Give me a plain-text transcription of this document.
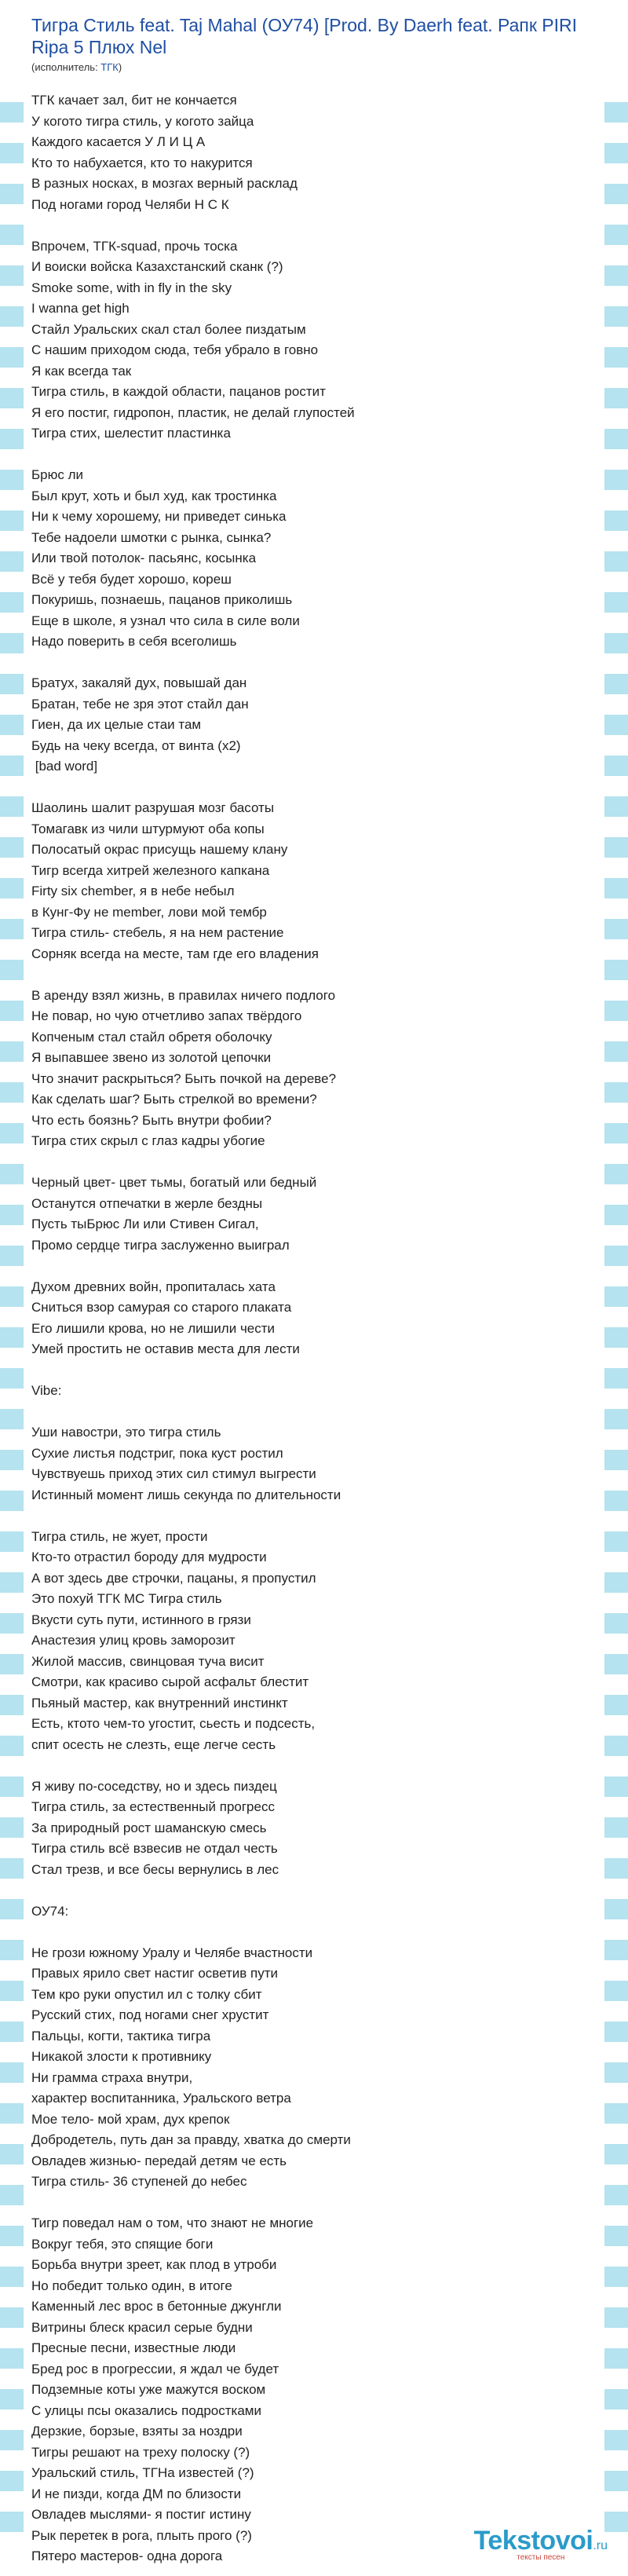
Тигра Стиль feat. Taj Mahal (ОУ74) [Prod. By Daerh feat. Рапк PIRI Ripa 5 Плюх Nel
(исполнитель: ТГК)
ТГК качает зал, бит не кончается
У когото тигра стиль, у когото зайца
Каждого касается У Л И Ц А
Кто то набухается, кто то накурится
В разных носках, в мозгах верный расклад
Под ногами город Челяби Н С К

Впрочем, ТГК-squad, прочь тоска
И воиски войска Казахстанский сканк (?)
Smoke some, with in fly in the sky
I wanna get high
Стайл Уральских скал стал более пиздатым
С нашим приходом сюда, тебя убрало в говно
Я как всегда так
Тигра стиль, в каждой области, пацанов ростит
Я его постиг, гидропон, пластик, не делай глупостей
Тигра стих, шелестит пластинка

Брюс ли
Был крут, хоть и был худ, как тростинка
Ни к чему хорошему, ни приведет синька
Тебе надоели шмотки с рынка, сынка?
Или твой потолок- пасьянс, косынка
Всё у тебя будет хорошо, кореш
Покуришь, познаешь, пацанов приколишь
Еще в школе, я узнал что сила в силе воли
Надо поверить в себя всеголишь

Братух, закаляй дух, повышай дан
Братан, тебе не зря этот стайл дан
Гиен, да их целые стаи там
Будь на чеку всегда, от винта (x2)
[bad word]

Шаолинь шалит разрушая мозг басоты
Томагавк из чили штурмуют оба копы
Полосатый окрас присущь нашему клану
Тигр всегда хитрей железного капкана
Firty six chember, я в небе небыл
в Кунг-Фу не member, лови мой тембр
Тигра стиль- стебель, я на нем растение
Сорняк всегда на месте, там где его владения

В аренду взял жизнь, в правилах ничего подлого
Не повар, но чую отчетливо запах твёрдого
Копченым стал стайл обретя оболочку
Я выпавшее звено из золотой цепочки
Что значит раскрыться? Быть почкой на дереве?
Как сделать шаг? Быть стрелкой во времени?
Что есть боязнь? Быть внутри фобии?
Тигра стих скрыл с глаз кадры убогие

Черный цвет- цвет тьмы, богатый или бедный
Останутся отпечатки в жерле бездны
Пусть тыБрюс Ли или Стивен Сигал,
Промо сердце тигра заслуженно выиграл

Духом древних войн, пропиталась хата
Сниться взор самурая со старого плаката
Его лишили крова, но не лишили чести
Умей простить не оставив места для лести

Vibe:

Уши навостри, это тигра стиль
Сухие листья подстриг, пока куст ростил
Чувствуешь приход этих сил стимул выгрести
Истинный момент лишь секунда по длительности

Тигра стиль, не жует, прости
Кто-то отрастил бороду для мудрости
А вот здесь две строчки, пацаны, я пропустил
Это похуй ТГК МС Тигра стиль
Вкусти суть пути, истинного в грязи
Анастезия улиц кровь заморозит
Жилой массив, свинцовая туча висит
Смотри, как красиво сырой асфальт блестит
Пьяный мастер, как внутренний инстинкт
Есть, ктото чем-то угостит, сьесть и подсесть,
спит осесть не слезть, еще легче сесть

Я живу по-соседству, но и здесь пиздец
Тигра стиль, за естественный прогресс
За природный рост шаманскую смесь
Тигра стиль всё взвесив не отдал честь
Стал трезв, и все бесы вернулись в лес

ОУ74:

Не грози южному Уралу и Челябе вчастности
Правых ярило свет настиг осветив пути
Тем кро руки опустил ил с толку сбит
Русский стих, под ногами снег хрустит
Пальцы, когти, тактика тигра
Никакой злости к противнику
Ни грамма страха внутри,
характер воспитанника, Уральского ветра
Мое тело- мой храм, дух крепок
Добродетель, путь дан за правду, хватка до смерти
Овладев жизнью- передай детям че есть
Тигра стиль- 36 ступеней до небес

Тигр поведал нам о том, что знают не многие
Вокруг тебя, это спящие боги
Борьба внутри зреет, как плод в утроби
Но победит только один, в итоге
Каменный лес врос в бетонные джунгли
Витрины блеск красил серые будни
Пресные песни, известные люди
Бред рос в прогрессии, я ждал че будет
Подземные коты уже мажутся воском
С улицы псы оказались подростками
Дерзкие, борзые, взяты за ноздри
Тигры решают на треху полоску (?)
Уральский стиль, ТГНа известей (?)
И не пизди, когда ДМ по близости
Овладев мыслями- я постиг истину
Рык перетек в рога, плыть прого (?)
Пятеро мастеров- одна дорога
Tekstovoi.ru
тексты песен
